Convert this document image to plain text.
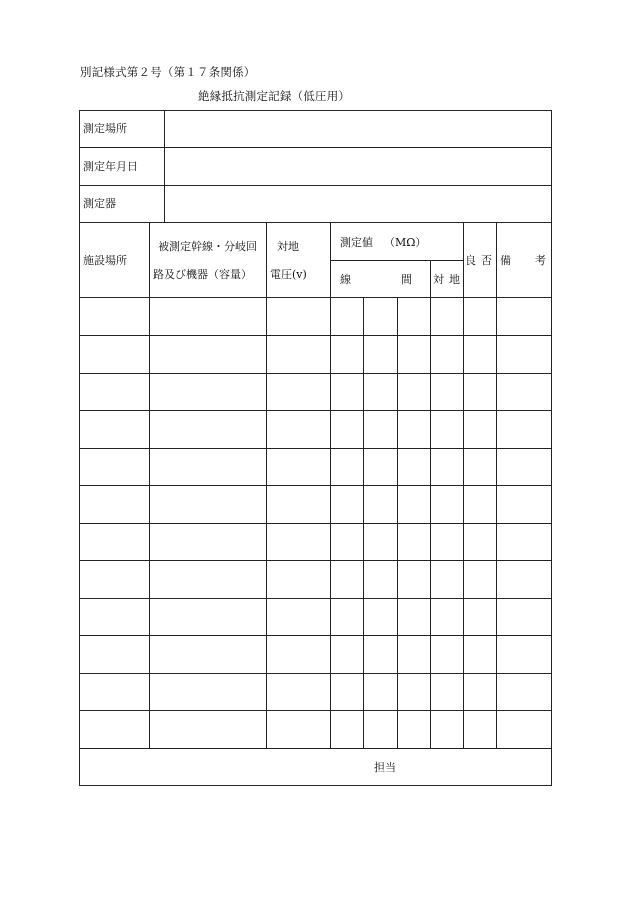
別記様式第２号（第１７条関係）
絶縁抵抗測定記録（低圧用）
測定場所
測定年月日
測定器
施設場所
被測定幹線・分岐回
路及び機器（容量）
対地
電圧(v)
測定値 （MΩ）
線	間 対 地
良 否 備 考
担当
